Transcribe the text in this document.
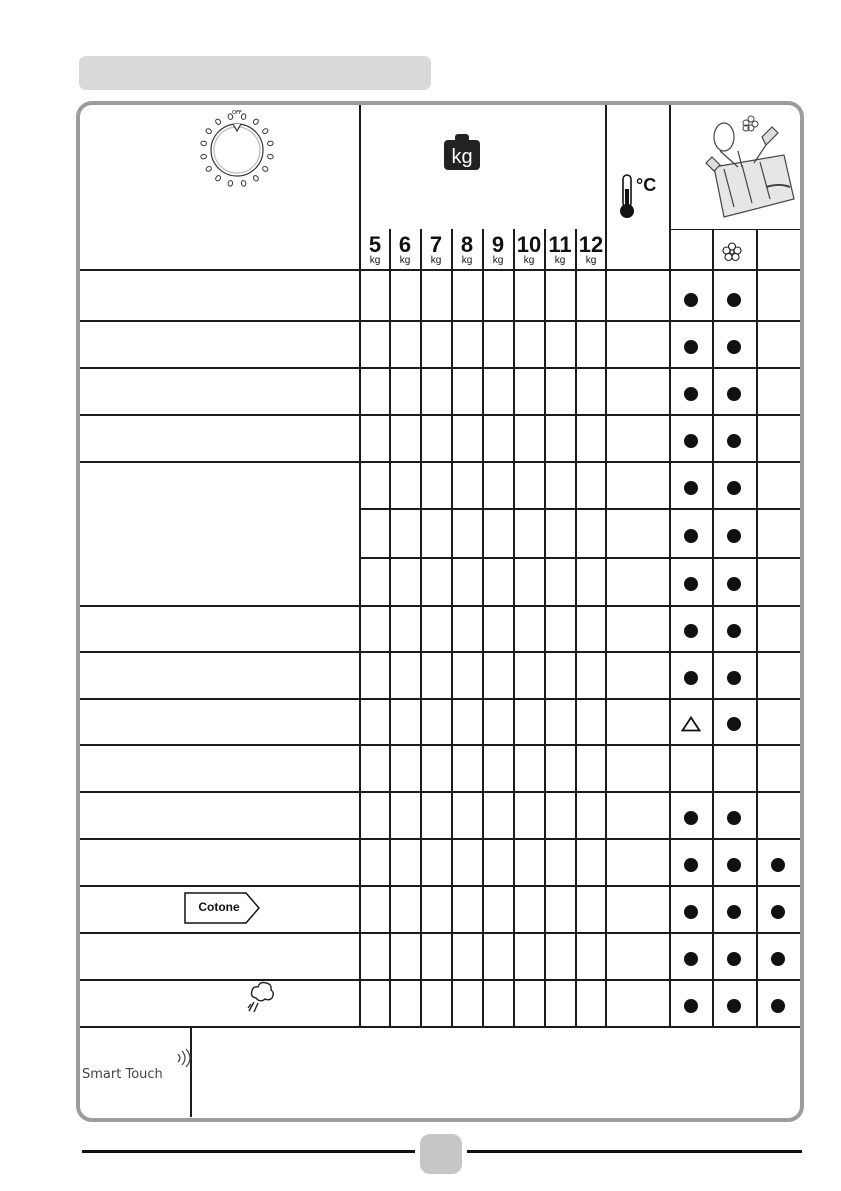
OFF
kg
°C
Cotone
Smart Touch
5
kg
6
kg
7
kg
8
kg
9
kg
10
kg
11
kg
12
kg
